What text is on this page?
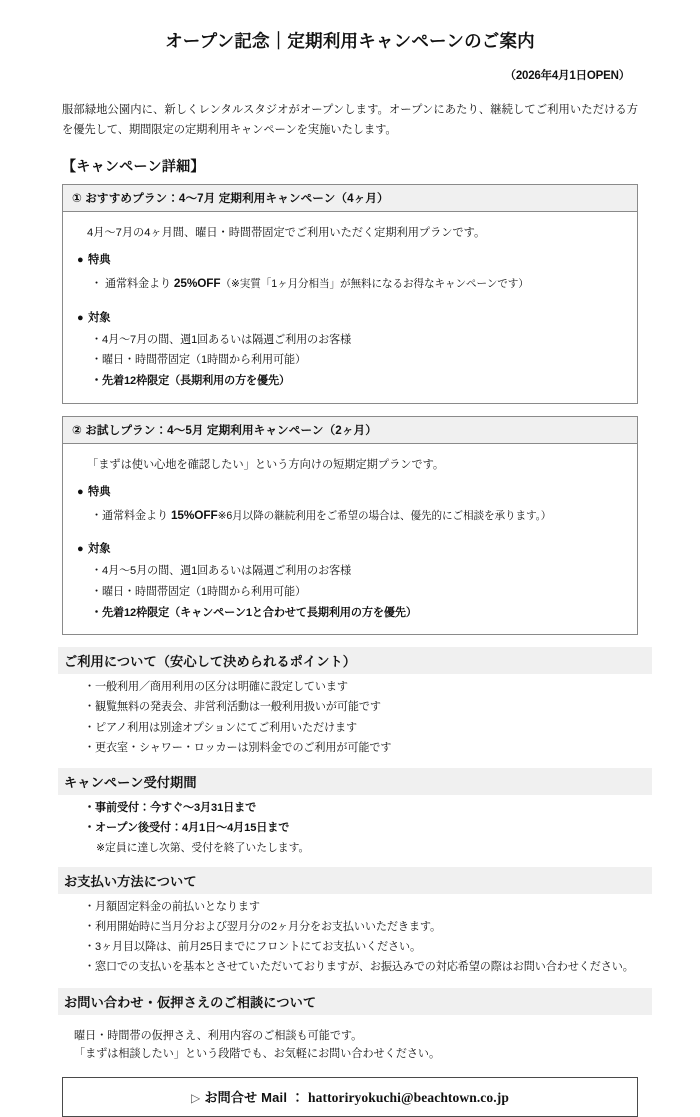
オープン記念｜定期利用キャンペーンのご案内
（2026年4月1日OPEN）

服部緑地公園内に、新しくレンタルスタジオがオープンします。オープンにあたり、継続してご利用いただける方を優先して、期間限定の定期利用キャンペーンを実施いたします。

【キャンペーン詳細】
① おすすめプラン：4〜7月 定期利用キャンペーン（4ヶ月）
4月〜7月の4ヶ月間、曜日・時間帯固定でご利用いただく定期利用プランです。
● 特典
・ 通常料金より 25%OFF（※実質「1ヶ月分相当」が無料になるお得なキャンペーンです）
● 対象
・4月〜7月の間、週1回あるいは隔週ご利用のお客様
・曜日・時間帯固定（1時間から利用可能）
・先着12枠限定（長期利用の方を優先）
② お試しプラン：4〜5月 定期利用キャンペーン（2ヶ月）
「まずは使い心地を確認したい」という方向けの短期定期プランです。
● 特典
・通常料金より 15%OFF※6月以降の継続利用をご希望の場合は、優先的にご相談を承ります。）
● 対象
・4月〜5月の間、週1回あるいは隔週ご利用のお客様
・曜日・時間帯固定（1時間から利用可能）
・先着12枠限定（キャンペーン1と合わせて長期利用の方を優先）
ご利用について（安心して決められるポイント）
・一般利用／商用利用の区分は明確に設定しています
・観覧無料の発表会、非営利活動は一般利用扱いが可能です
・ピアノ利用は別途オプションにてご利用いただけます
・更衣室・シャワー・ロッカーは別料金でのご利用が可能です
キャンペーン受付期間
・事前受付：今すぐ〜3月31日まで
・オープン後受付：4月1日〜4月15日まで
※定員に達し次第、受付を終了いたします。
お支払い方法について
・月額固定料金の前払いとなります
・利用開始時に当月分および翌月分の2ヶ月分をお支払いいただきます。
・3ヶ月目以降は、前月25日までにフロントにてお支払いください。
・窓口での支払いを基本とさせていただいておりますが、お振込みでの対応希望の際はお問い合わせください。
お問い合わせ・仮押さえのご相談について
曜日・時間帯の仮押さえ、利用内容のご相談も可能です。
「まずは相談したい」という段階でも、お気軽にお問い合わせください。
▷ お問合せ Mail ： hattoriryokuchi@beachtown.co.jp
